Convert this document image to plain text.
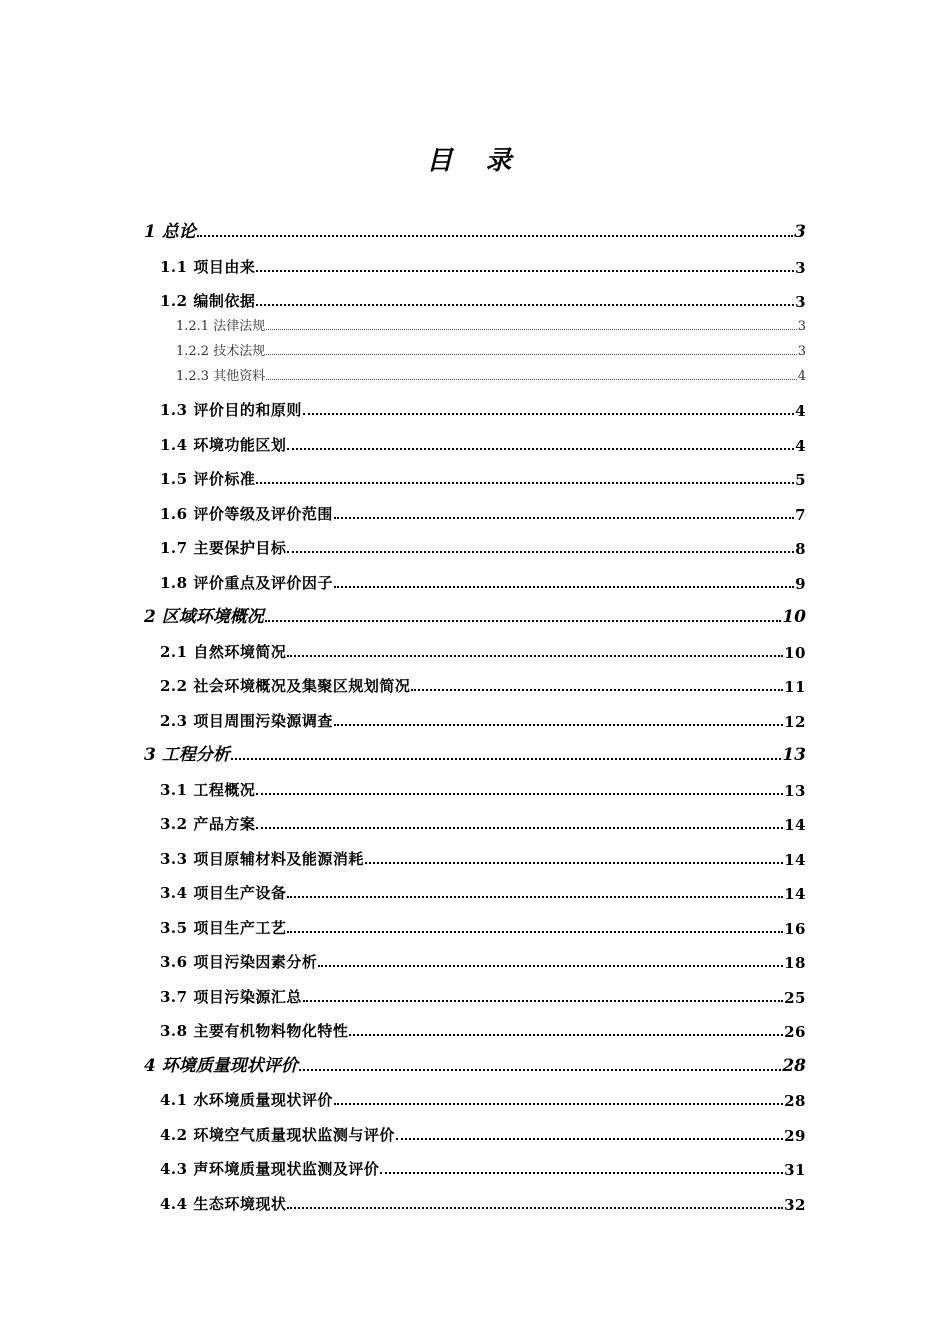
目 录
1 总论	3
1.1 项目由来	3
1.2 编制依据	3
1.2.1 法律法规	3
1.2.2 技术法规	3
1.2.3 其他资料	4
1.3 评价目的和原则	4
1.4 环境功能区划	4
1.5 评价标准	5
1.6 评价等级及评价范围	7
1.7 主要保护目标	8
1.8 评价重点及评价因子	9
2 区域环境概况	10
2.1 自然环境简况	10
2.2 社会环境概况及集聚区规划简况	11
2.3 项目周围污染源调查	12
3 工程分析	13
3.1 工程概况	13
3.2 产品方案	14
3.3 项目原辅材料及能源消耗	14
3.4 项目生产设备	14
3.5 项目生产工艺	16
3.6 项目污染因素分析	18
3.7 项目污染源汇总	25
3.8 主要有机物料物化特性	26
4 环境质量现状评价	28
4.1 水环境质量现状评价	28
4.2 环境空气质量现状监测与评价	29
4.3 声环境质量现状监测及评价	31
4.4 生态环境现状	32
